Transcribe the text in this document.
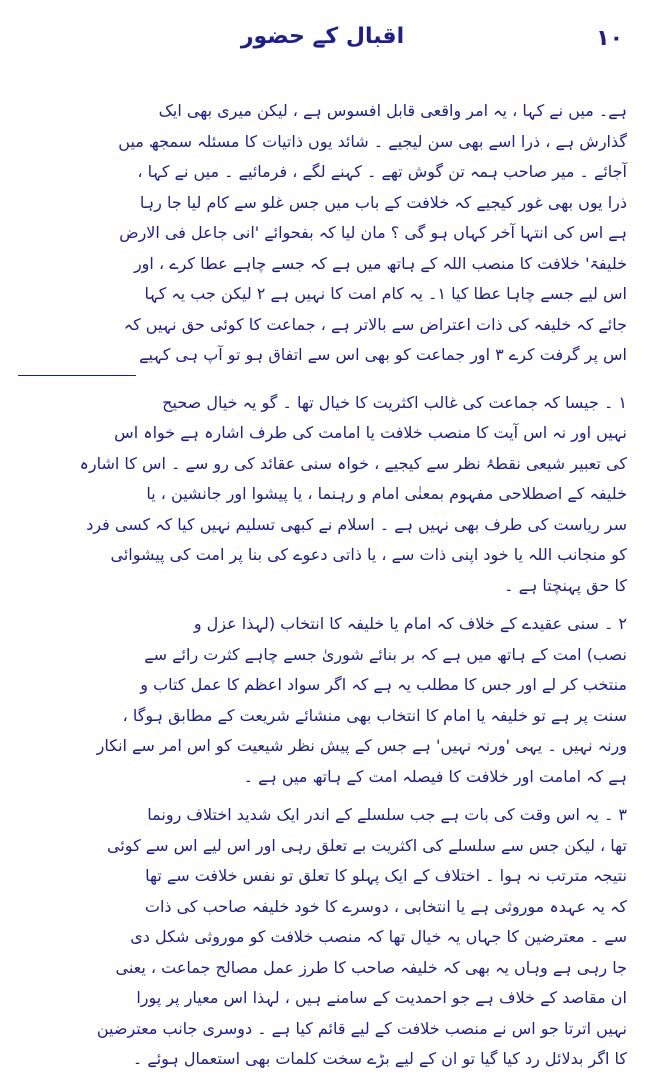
اقبال کے حضور	۱۰

ہے۔ میں نے کہا ، یہ امر واقعی قابل افسوس ہے ، لیکن میری بھی ایک

گذارش ہے ، ذرا اسے بھی سن لیجیے ۔ شائد یوں ذاتیات کا مسئلہ سمجھ میں

آجائے ۔ میر صاحب ہمہ تن گوش تھے ۔ کہنے لگے ، فرمائیے ۔ میں نے کہا ،

ذرا یوں بھی غور کیجیے کہ خلافت کے باب میں جس غلو سے کام لیا جا رہا

ہے اس کی انتہا آخر کہاں ہو گی ؟ مان لیا کہ بفحوائے 'انی جاعل فی الارض

خلیفۃ' خلافت کا منصب اللہ کے ہاتھ میں ہے کہ جسے چاہے عطا کرے ، اور

اس لیے جسے چاہا عطا کیا ۱۔ یہ کام امت کا نہیں ہے ۲ لیکن جب یہ کہا

جائے کہ خلیفہ کی ذات اعتراض سے بالاتر ہے ، جماعت کا کوئی حق نہیں کہ

اس پر گرفت کرے ۳ اور جماعت کو بھی اس سے اتفاق ہو تو آپ ہی کہیے

۱ ۔ جیسا کہ جماعت کی غالب اکثریت کا خیال تھا ۔ گو یہ خیال صحیح

نہیں اور نہ اس آیت کا منصب خلافت یا امامت کی طرف اشارہ ہے خواہ اس

کی تعبیر شیعی نقطۂ نظر سے کیجیے ، خواہ سنی عقائد کی رو سے ۔ اس کا اشارہ

خلیفہ کے اصطلاحی مفہوم بمعنٰی امام و رہنما ، یا پیشوا اور جانشین ، یا

سر ریاست کی طرف بھی نہیں ہے ۔ اسلام نے کبھی تسلیم نہیں کیا کہ کسی فرد

کو منجانب اللہ یا خود اپنی ذات سے ، یا ذاتی دعوے کی بنا پر امت کی پیشوائی

کا حق پہنچتا ہے ۔

۲ ۔ سنی عقیدے کے خلاف کہ امام یا خلیفہ کا انتخاب (لہذا عزل و

نصب) امت کے ہاتھ میں ہے کہ بر بنائے شوریٰ جسے چاہے کثرت رائے سے

منتخب کر لے اور جس کا مطلب یہ ہے کہ اگر سواد اعظم کا عمل کتاب و

سنت پر ہے تو خلیفہ یا امام کا انتخاب بھی منشائے شریعت کے مطابق ہوگا ،

ورنہ نہیں ۔ یہی 'ورنہ نہیں' ہے جس کے پیش نظر شیعیت کو اس امر سے انکار

ہے کہ امامت اور خلافت کا فیصلہ امت کے ہاتھ میں ہے ۔

۳ ۔ یہ اس وقت کی بات ہے جب سلسلے کے اندر ایک شدید اختلاف رونما

تھا ، لیکن جس سے سلسلے کی اکثریت بے تعلق رہی اور اس لیے اس سے کوئی

نتیجہ مترتب نہ ہوا ۔ اختلاف کے ایک پہلو کا تعلق تو نفس خلافت سے تھا

کہ یہ عہدہ موروثی ہے یا انتخابی ، دوسرے کا خود خلیفہ صاحب کی ذات

سے ۔ معترضین کا جہاں یہ خیال تھا کہ منصب خلافت کو موروثی شکل دی

جا رہی ہے وہاں یہ بھی کہ خلیفہ صاحب کا طرز عمل مصالح جماعت ، یعنی

ان مقاصد کے خلاف ہے جو احمدیت کے سامنے ہیں ، لہذا اس معیار پر پورا

نہیں اترتا جو اس نے منصب خلافت کے لیے قائم کیا ہے ۔ دوسری جانب معترضین

کا اگر بدلائل رد کیا گیا تو ان کے لیے بڑے سخت کلمات بھی استعمال ہوئے ۔
